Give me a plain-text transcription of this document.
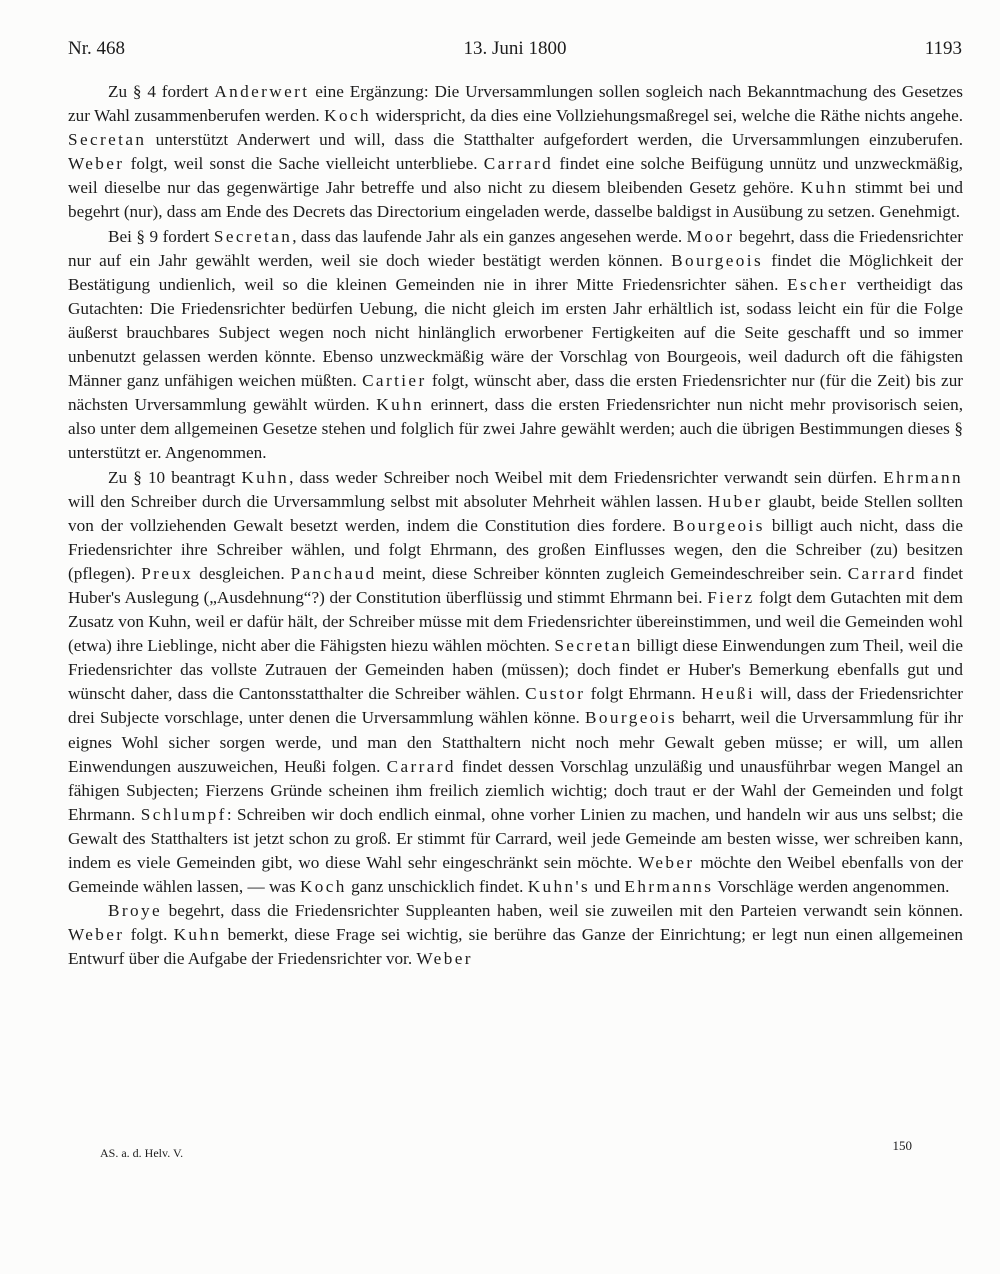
Nr. 468	13. Juni 1800	1193

Zu § 4 fordert Anderwert eine Ergänzung: Die Urversammlungen sollen sogleich nach Bekanntmachung des Gesetzes zur Wahl zusammenberufen werden. Koch widerspricht, da dies eine Vollziehungsmaßregel sei, welche die Räthe nichts angehe. Secretan unterstützt Anderwert und will, dass die Statthalter aufgefordert werden, die Urversammlungen einzuberufen. Weber folgt, weil sonst die Sache vielleicht unterbliebe. Carrard findet eine solche Beifügung unnütz und unzweckmäßig, weil dieselbe nur das gegenwärtige Jahr betreffe und also nicht zu diesem bleibenden Gesetz gehöre. Kuhn stimmt bei und begehrt (nur), dass am Ende des Decrets das Directorium eingeladen werde, dasselbe baldigst in Ausübung zu setzen. Genehmigt.

Bei § 9 fordert Secretan, dass das laufende Jahr als ein ganzes angesehen werde. Moor begehrt, dass die Friedensrichter nur auf ein Jahr gewählt werden, weil sie doch wieder bestätigt werden können. Bourgeois findet die Möglichkeit der Bestätigung undienlich, weil so die kleinen Gemeinden nie in ihrer Mitte Friedensrichter sähen. Escher vertheidigt das Gutachten: Die Friedensrichter bedürfen Uebung, die nicht gleich im ersten Jahr erhältlich ist, sodass leicht ein für die Folge äußerst brauchbares Subject wegen noch nicht hinlänglich erworbener Fertigkeiten auf die Seite geschafft und so immer unbenutzt gelassen werden könnte. Ebenso unzweckmäßig wäre der Vorschlag von Bourgeois, weil dadurch oft die fähigsten Männer ganz unfähigen weichen müßten. Cartier folgt, wünscht aber, dass die ersten Friedensrichter nur (für die Zeit) bis zur nächsten Urversammlung gewählt würden. Kuhn erinnert, dass die ersten Friedensrichter nun nicht mehr provisorisch seien, also unter dem allgemeinen Gesetze stehen und folglich für zwei Jahre gewählt werden; auch die übrigen Bestimmungen dieses § unterstützt er. Angenommen.

Zu § 10 beantragt Kuhn, dass weder Schreiber noch Weibel mit dem Friedensrichter verwandt sein dürfen. Ehrmann will den Schreiber durch die Urversammlung selbst mit absoluter Mehrheit wählen lassen. Huber glaubt, beide Stellen sollten von der vollziehenden Gewalt besetzt werden, indem die Constitution dies fordere. Bourgeois billigt auch nicht, dass die Friedensrichter ihre Schreiber wählen, und folgt Ehrmann, des großen Einflusses wegen, den die Schreiber (zu) besitzen (pflegen). Preux desgleichen. Panchaud meint, diese Schreiber könnten zugleich Gemeindeschreiber sein. Carrard findet Huber's Auslegung („Ausdehnung“?) der Constitution überflüssig und stimmt Ehrmann bei. Fierz folgt dem Gutachten mit dem Zusatz von Kuhn, weil er dafür hält, der Schreiber müsse mit dem Friedensrichter übereinstimmen, und weil die Gemeinden wohl (etwa) ihre Lieblinge, nicht aber die Fähigsten hiezu wählen möchten. Secretan billigt diese Einwendungen zum Theil, weil die Friedensrichter das vollste Zutrauen der Gemeinden haben (müssen); doch findet er Huber's Bemerkung ebenfalls gut und wünscht daher, dass die Cantonsstatthalter die Schreiber wählen. Custor folgt Ehrmann. Heußi will, dass der Friedensrichter drei Subjecte vorschlage, unter denen die Urversammlung wählen könne. Bourgeois beharrt, weil die Urversammlung für ihr eignes Wohl sicher sorgen werde, und man den Statthaltern nicht noch mehr Gewalt geben müsse; er will, um allen Einwendungen auszuweichen, Heußi folgen. Carrard findet dessen Vorschlag unzuläßig und unausführbar wegen Mangel an fähigen Subjecten; Fierzens Gründe scheinen ihm freilich ziemlich wichtig; doch traut er der Wahl der Gemeinden und folgt Ehrmann. Schlumpf: Schreiben wir doch endlich einmal, ohne vorher Linien zu machen, und handeln wir aus uns selbst; die Gewalt des Statthalters ist jetzt schon zu groß. Er stimmt für Carrard, weil jede Gemeinde am besten wisse, wer schreiben kann, indem es viele Gemeinden gibt, wo diese Wahl sehr eingeschränkt sein möchte. Weber möchte den Weibel ebenfalls von der Gemeinde wählen lassen, — was Koch ganz unschicklich findet. Kuhn's und Ehrmanns Vorschläge werden angenommen.

Broye begehrt, dass die Friedensrichter Suppleanten haben, weil sie zuweilen mit den Parteien verwandt sein können. Weber folgt. Kuhn bemerkt, diese Frage sei wichtig, sie berühre das Ganze der Einrichtung; er legt nun einen allgemeinen Entwurf über die Aufgabe der Friedensrichter vor. Weber

AS. a. d. Helv. V.	150
